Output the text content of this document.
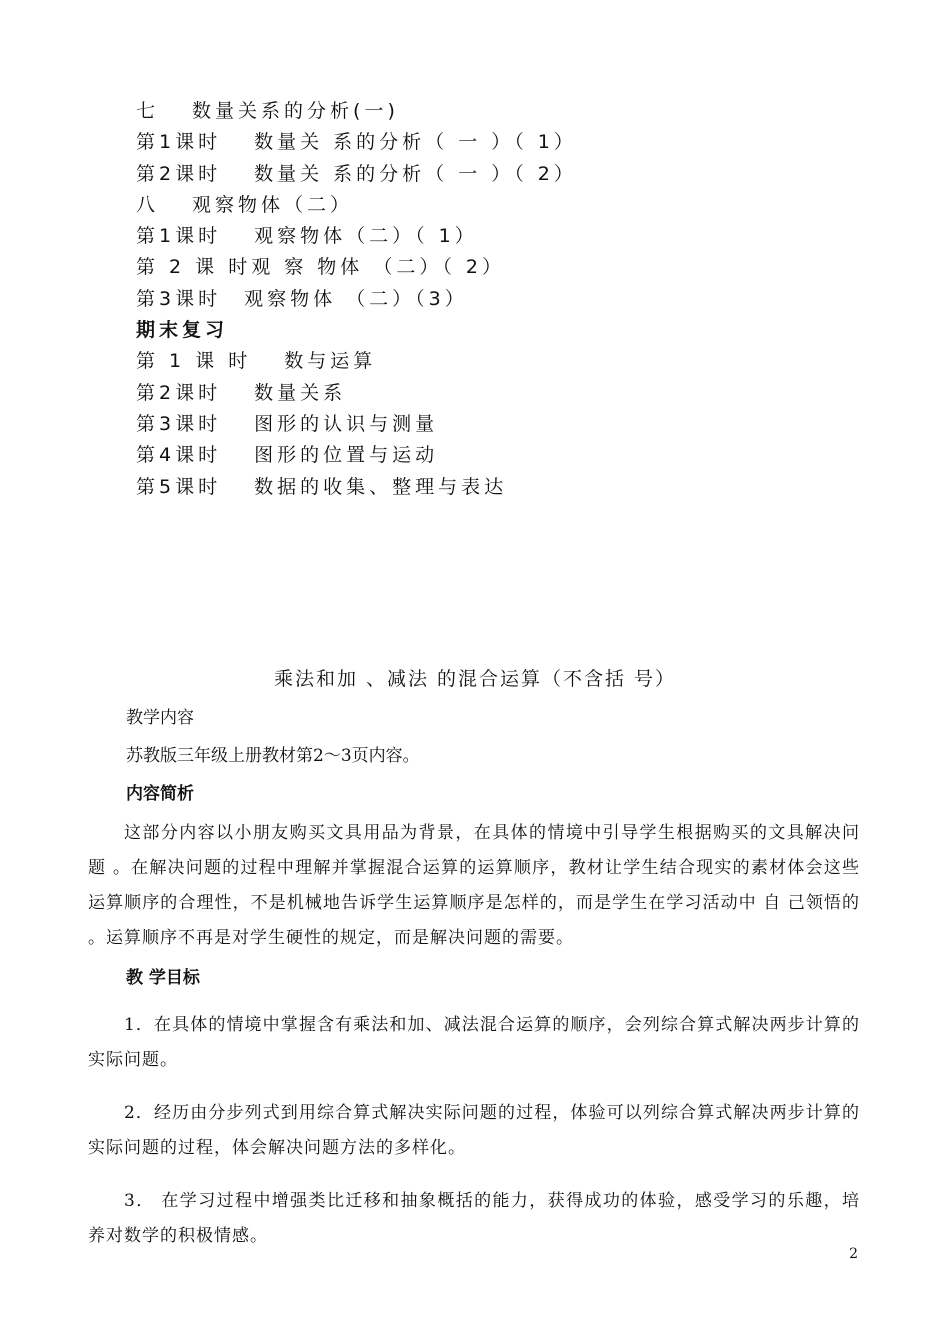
七　 数量关系的分析(一)
第1课时　 数量关 系的分析（ 一 ）（ 1）
第2课时　 数量关 系的分析（ 一 ）（ 2）
八　 观察物体（二）
第1课时　 观察物体（二）（ 1）
第 2 课 时观 察 物体 （二）（ 2）
第3课时　观察物体 （二）（3）
期末复习
第 1 课 时　 数与运算
第2课时　 数量关系
第3课时　 图形的认识与测量
第4课时　 图形的位置与运动
第5课时　 数据的收集、整理与表达
乘法和加 、减法 的混合运算（不含括 号）

教学内容

苏教版三年级上册教材第2～3页内容。

内容简析

这部分内容以小朋友购买文具用品为背景，在具体的情境中引导学生根据购买的文具解决问题 。在解决问题的过程中理解并掌握混合运算的运算顺序，教材让学生结合现实的素材体会这些运算顺序的合理性，不是机械地告诉学生运算顺序是怎样的，而是学生在学习活动中 自 己领悟的 。运算顺序不再是对学生硬性的规定，而是解决问题的需要。

教 学目标

1．在具体的情境中掌握含有乘法和加、减法混合运算的顺序，会列综合算式解决两步计算的实际问题。

2．经历由分步列式到用综合算式解决实际问题的过程，体验可以列综合算式解决两步计算的实际问题的过程，体会解决问题方法的多样化。

3． 在学习过程中增强类比迁移和抽象概括的能力，获得成功的体验，感受学习的乐趣，培养对数学的积极情感。

2
